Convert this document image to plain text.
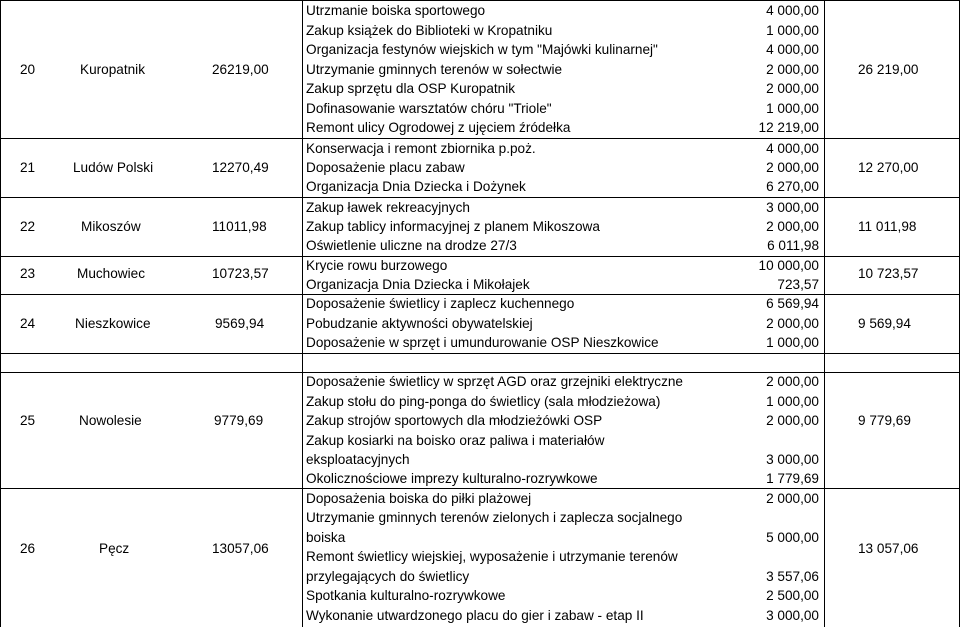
20	Kuropatnik	26219,00	26 219,00
Utrzmanie boiska sportowego	4 000,00
Zakup książek do Biblioteki w Kropatniku	1 000,00
Organizacja festynów wiejskich w tym "Majówki kulinarnej"	4 000,00
Utrzymanie gminnych terenów w sołectwie	2 000,00
Zakup sprzętu dla OSP Kuropatnik	2 000,00
Dofinasowanie warsztatów chóru "Triole"	1 000,00
Remont ulicy Ogrodowej z ujęciem źródełka	12 219,00
21	Ludów Polski	12270,49	12 270,00
Konserwacja i remont zbiornika p.poż.	4 000,00
Doposażenie placu zabaw	2 000,00
Organizacja Dnia Dziecka i Dożynek	6 270,00
22	Mikoszów	11011,98	11 011,98
Zakup ławek rekreacyjnych	3 000,00
Zakup tablicy informacyjnej z planem Mikoszowa	2 000,00
Oświetlenie uliczne na drodze 27/3	6 011,98
23	Muchowiec	10723,57	10 723,57
Krycie rowu burzowego	10 000,00
Organizacja Dnia Dziecka i Mikołajek	723,57
24	Nieszkowice	9569,94	9 569,94
Doposażenie świetlicy i zaplecz kuchennego	6 569,94
Pobudzanie aktywności obywatelskiej	2 000,00
Doposażenie w sprzęt i umundurowanie OSP Nieszkowice	1 000,00
25	Nowolesie	9779,69	9 779,69
Doposażenie świetlicy w sprzęt AGD oraz grzejniki elektryczne	2 000,00
Zakup stołu do ping-ponga do świetlicy (sala młodzieżowa)	1 000,00
Zakup strojów sportowych dla młodzieżówki OSP	2 000,00
Zakup kosiarki na boisko oraz paliwa i materiałów
eksploatacyjnych	3 000,00
Okolicznościowe imprezy kulturalno-rozrywkowe	1 779,69
26	Pęcz	13057,06	13 057,06
Doposażenia boiska do piłki plażowej	2 000,00
Utrzymanie gminnych terenów zielonych i zaplecza socjalnego
boiska	5 000,00
Remont świetlicy wiejskiej, wyposażenie i utrzymanie terenów
przylegających do świetlicy	3 557,06
Spotkania kulturalno-rozrywkowe	2 500,00
Wykonanie utwardzonego placu do gier i zabaw - etap II	3 000,00
